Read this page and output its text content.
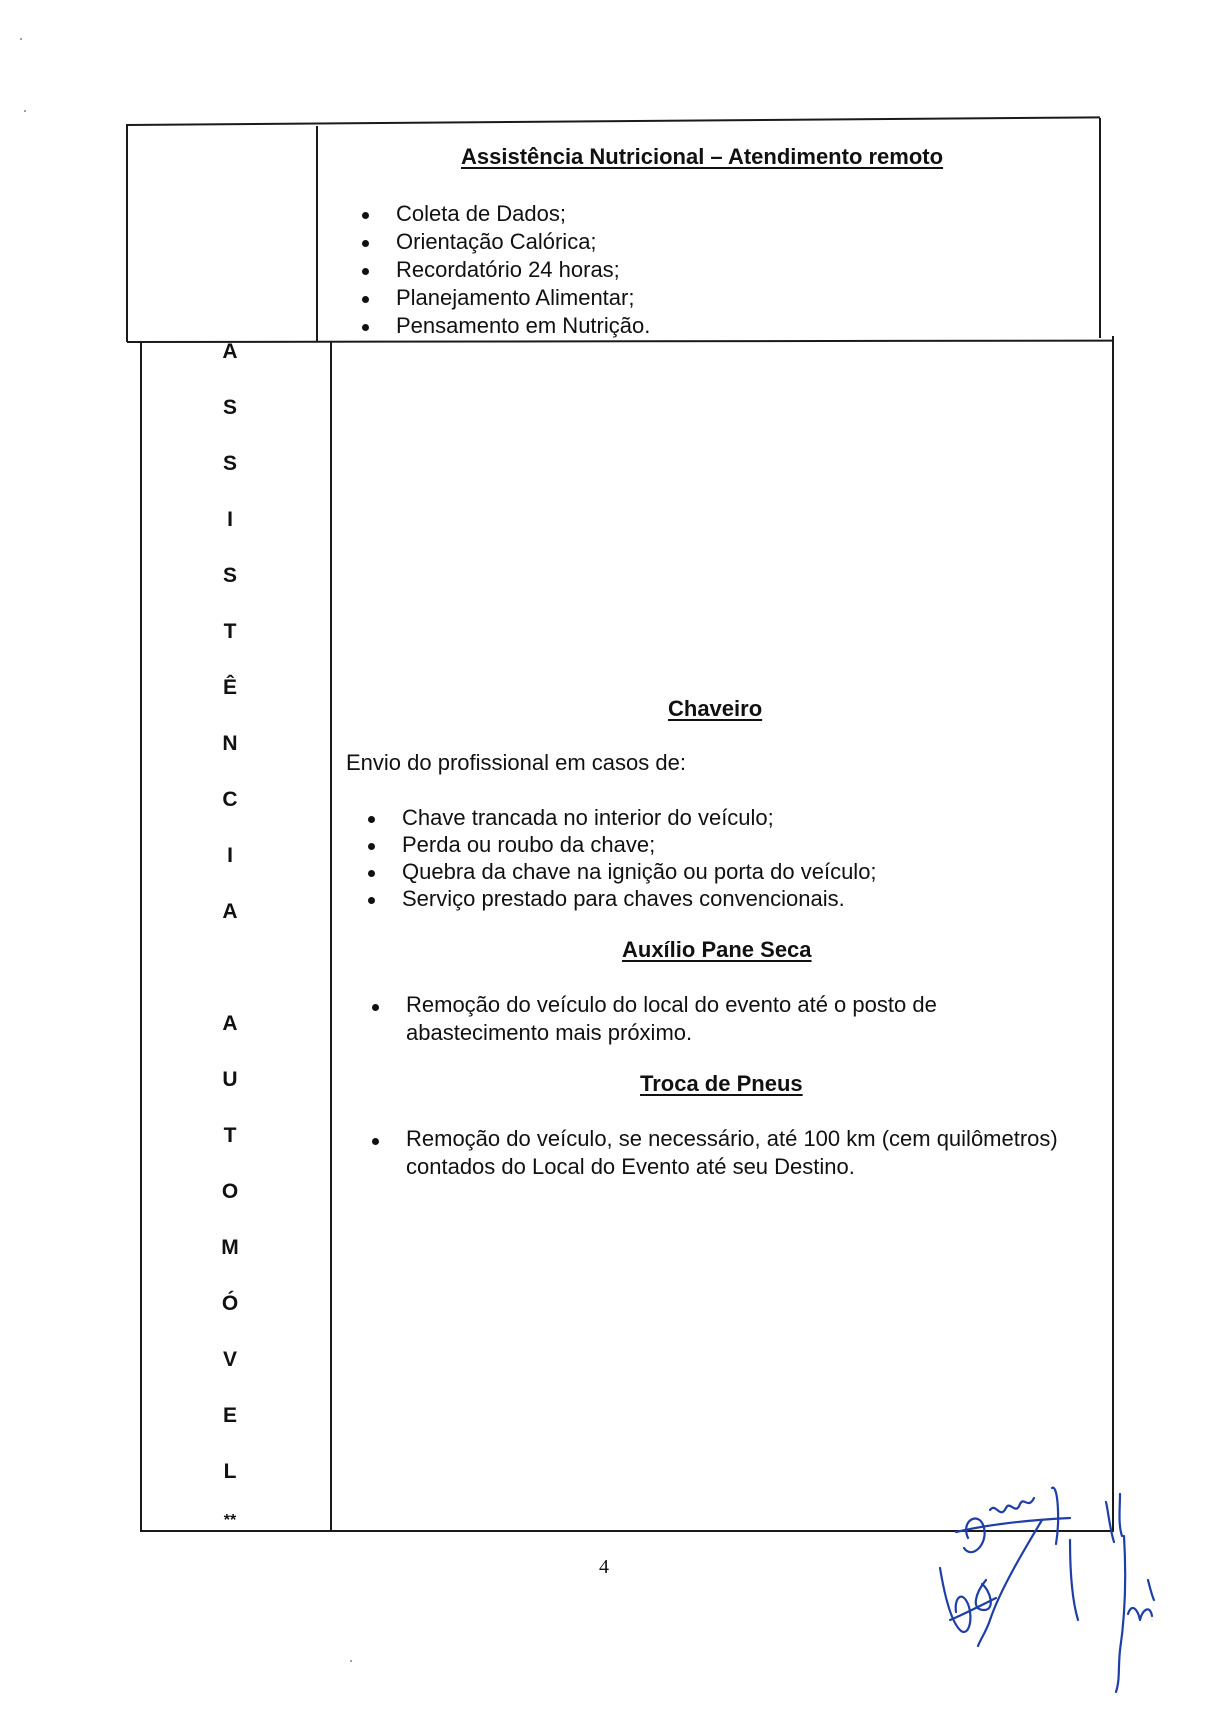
A
S
S
I
S
T
Ê
N
C
I
A
A
U
T
O
M
Ó
V
E
L
**
Assistência Nutricional – Atendimento remoto
Coleta de Dados;
Orientação Calórica;
Recordatório 24 horas;
Planejamento Alimentar;
Pensamento em Nutrição.
Chaveiro
Envio do profissional em casos de:
Chave trancada no interior do veículo;
Perda ou roubo da chave;
Quebra da chave na ignição ou porta do veículo;
Serviço prestado para chaves convencionais.
Auxílio Pane Seca
Remoção do veículo do local do evento até o posto de abastecimento mais próximo.
Troca de Pneus
Remoção do veículo, se necessário, até 100 km (cem quilômetros) contados do Local do Evento até seu Destino.
4
